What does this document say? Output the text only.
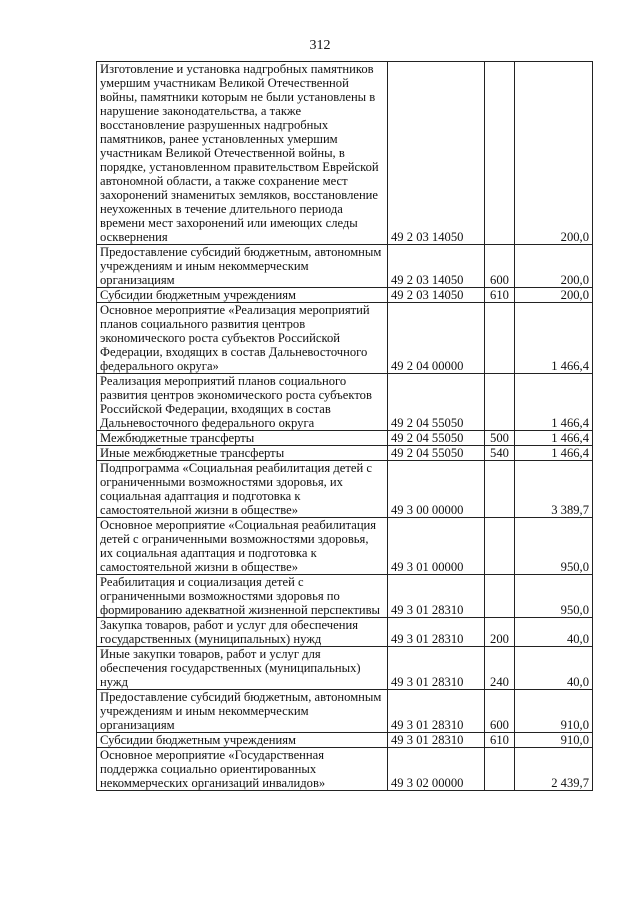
312
Изготовление и установка надгробных памятников умершим участникам Великой Отечественной войны, памятники которым не были установлены в нарушение законодательства, а также восстановление разрушенных надгробных памятников, ранее установленных умершим участникам Великой Отечественной войны, в порядке, установленном правительством Еврейской автономной области, а также сохранение мест захоронений знаменитых земляков, восстановление неухоженных в течение длительного периода времени мест захоронений или имеющих следы осквернения	49 2 03 14050		200,0
Предоставление субсидий бюджетным, автономным учреждениям и иным некоммерческим организациям	49 2 03 14050	600	200,0
Субсидии бюджетным учреждениям	49 2 03 14050	610	200,0
Основное мероприятие «Реализация мероприятий планов социального развития центров экономического роста субъектов Российской Федерации, входящих в состав Дальневосточного федерального округа»	49 2 04 00000		1 466,4
Реализация мероприятий планов социального развития центров экономического роста субъектов Российской Федерации, входящих в состав Дальневосточного федерального округа	49 2 04 55050		1 466,4
Межбюджетные трансферты	49 2 04 55050	500	1 466,4
Иные межбюджетные трансферты	49 2 04 55050	540	1 466,4
Подпрограмма «Социальная реабилитация детей с ограниченными возможностями здоровья, их социальная адаптация и подготовка к самостоятельной жизни в обществе»	49 3 00 00000		3 389,7
Основное мероприятие «Социальная реабилитация детей с ограниченными возможностями здоровья, их социальная адаптация и подготовка к самостоятельной жизни в обществе»	49 3 01 00000		950,0
Реабилитация и социализация детей с ограниченными возможностями здоровья по формированию адекватной жизненной перспективы	49 3 01 28310		950,0
Закупка товаров, работ и услуг для обеспечения государственных (муниципальных) нужд	49 3 01 28310	200	40,0
Иные закупки товаров, работ и услуг для обеспечения государственных (муниципальных) нужд	49 3 01 28310	240	40,0
Предоставление субсидий бюджетным, автономным учреждениям и иным некоммерческим организациям	49 3 01 28310	600	910,0
Субсидии бюджетным учреждениям	49 3 01 28310	610	910,0
Основное мероприятие «Государственная поддержка социально ориентированных некоммерческих организаций инвалидов»	49 3 02 00000		2 439,7
